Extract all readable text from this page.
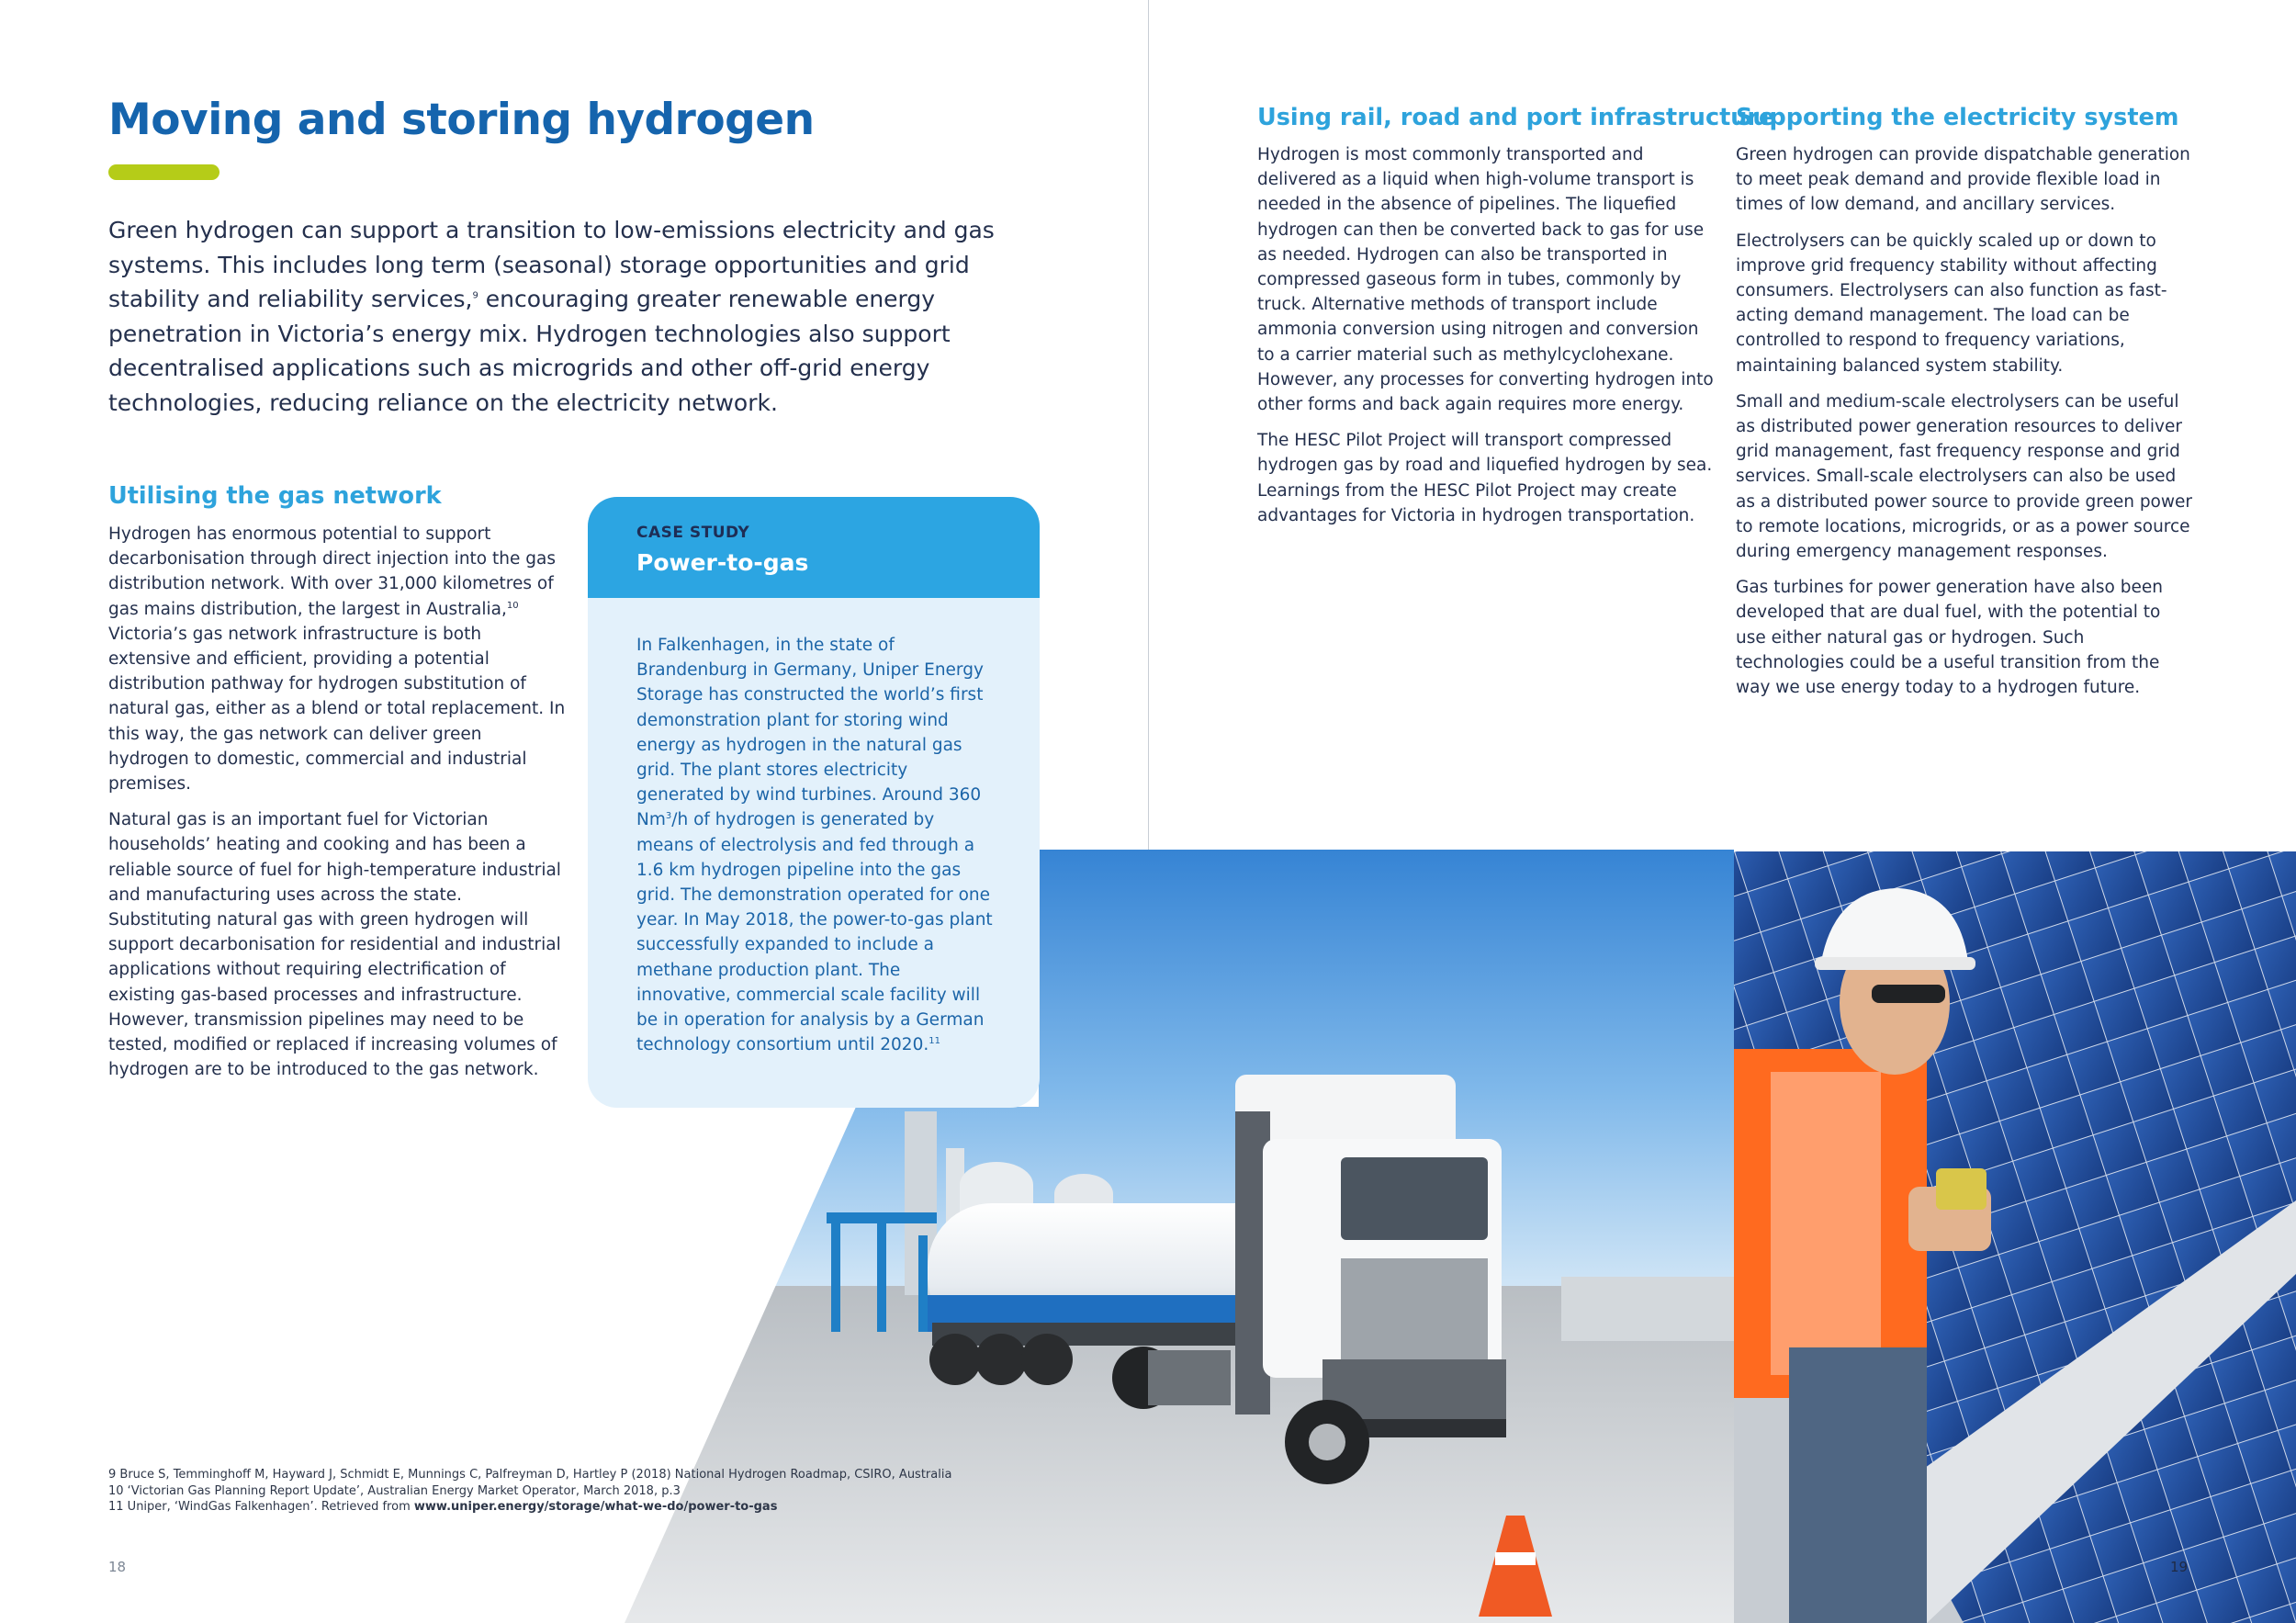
Moving and storing hydrogen
Green hydrogen can support a transition to low-emissions electricity and gas systems. This includes long term (seasonal) storage opportunities and grid stability and reliability services,$^9$ encouraging greater renewable energy penetration in Victoria’s energy mix. Hydrogen technologies also support decentralised applications such as microgrids and other off-grid energy technologies, reducing reliance on the electricity network.
Utilising the gas network

Hydrogen has enormous potential to support decarbonisation through direct injection into the gas distribution network. With over 31,000 kilometres of gas mains distribution, the largest in Australia,$^{10}$ Victoria’s gas network infrastructure is both extensive and efficient, providing a potential distribution pathway for hydrogen substitution of natural gas, either as a blend or total replacement. In this way, the gas network can deliver green hydrogen to domestic, commercial and industrial premises.

Natural gas is an important fuel for Victorian households’ heating and cooking and has been a reliable source of fuel for high-temperature industrial and manufacturing uses across the state. Substituting natural gas with green hydrogen will support decarbonisation for residential and industrial applications without requiring electrification of existing gas-based processes and infrastructure. However, transmission pipelines may need to be tested, modified or replaced if increasing volumes of hydrogen are to be introduced to the gas network.

CASE STUDY
Power-to-gas
In Falkenhagen, in the state of Brandenburg in Germany, Uniper Energy Storage has constructed the world’s first demonstration plant for storing wind energy as hydrogen in the natural gas grid. The plant stores electricity generated by wind turbines. Around 360 Nm$^3$/h of hydrogen is generated by means of electrolysis and fed through a 1.6 km hydrogen pipeline into the gas grid. The demonstration operated for one year. In May 2018, the power-to-gas plant successfully expanded to include a methane production plant. The innovative, commercial scale facility will be in operation for analysis by a German technology consortium until 2020.11
9 Bruce S, Temminghoff M, Hayward J, Schmidt E, Munnings C, Palfreyman D, Hartley P (2018) National Hydrogen Roadmap, CSIRO, Australia
10 ‘Victorian Gas Planning Report Update’, Australian Energy Market Operator, March 2018, p.3
11 Uniper, ‘WindGas Falkenhagen’. Retrieved from www.uniper.energy/storage/what-we-do/power-to-gas
18
Using rail, road and port infrastructure

Hydrogen is most commonly transported and delivered as a liquid when high-volume transport is needed in the absence of pipelines. The liquefied hydrogen can then be converted back to gas for use as needed. Hydrogen can also be transported in compressed gaseous form in tubes, commonly by truck. Alternative methods of transport include ammonia conversion using nitrogen and conversion to a carrier material such as methylcyclohexane. However, any processes for converting hydrogen into other forms and back again requires more energy.

The HESC Pilot Project will transport compressed hydrogen gas by road and liquefied hydrogen by sea. Learnings from the HESC Pilot Project may create advantages for Victoria in hydrogen transportation.

Supporting the electricity system

Green hydrogen can provide dispatchable generation to meet peak demand and provide flexible load in times of low demand, and ancillary services.

Electrolysers can be quickly scaled up or down to improve grid frequency stability without affecting consumers. Electrolysers can also function as fast-acting demand management. The load can be controlled to respond to frequency variations, maintaining balanced system stability.

Small and medium-scale electrolysers can be useful as distributed power generation resources to deliver grid management, fast frequency response and grid services. Small-scale electrolysers can also be used as a distributed power source to provide green power to remote locations, microgrids, or as a power source during emergency management responses.

Gas turbines for power generation have also been developed that are dual fuel, with the potential to use either natural gas or hydrogen. Such technologies could be a useful transition from the way we use energy today to a hydrogen future.

19
